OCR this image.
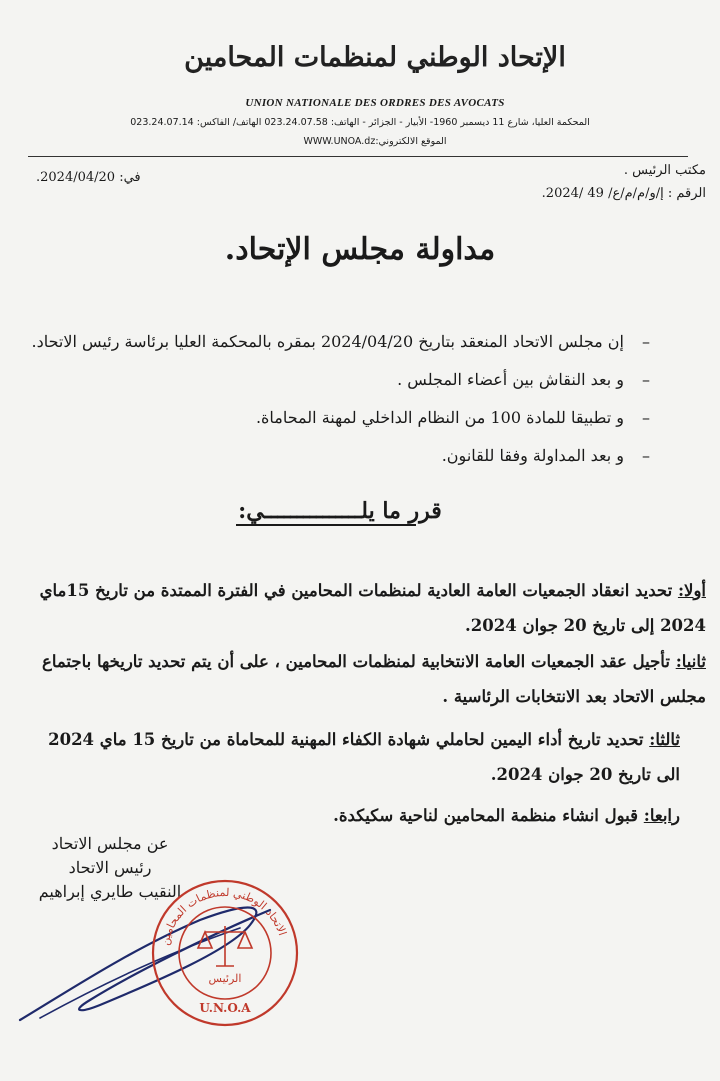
الإتحاد الوطني لمنظمات المحامين
UNION NATIONALE DES ORDRES DES AVOCATS
المحكمة العليا، شارع 11 ديسمبر 1960- الأبيار - الجزائر - الهاتف: 023.24.07.58 الهاتف/ الفاكس: 023.24.07.14
الموقع الالكتروني:WWW.UNOA.dz
مكتب الرئيس .
الرقم : إ/و/م/م/ع/ 49 /2024.
في: 2024/04/20.
مداولة مجلس الإتحاد.
–إن مجلس الاتحاد المنعقد بتاريخ 2024/04/20 بمقره بالمحكمة العليا برئاسة رئيس الاتحاد.
–و بعد النقاش بين أعضاء المجلس .
–و تطبيقا للمادة 100 من النظام الداخلي لمهنة المحاماة.
–و بعد المداولة وفقا للقانون.
قرر ما يلـــــــــــــــي:
أولا: تحديد انعقاد الجمعيات العامة العادية لمنظمات المحامين في الفترة الممتدة من تاريخ 15ماي 2024 إلى تاريخ 20 جوان 2024.
ثانيا: تأجيل عقد الجمعيات العامة الانتخابية لمنظمات المحامين ، على أن يتم تحديد تاريخها باجتماع مجلس الاتحاد بعد الانتخابات الرئاسية .
ثالثا: تحديد تاريخ أداء اليمين لحاملي شهادة الكفاء المهنية للمحاماة من تاريخ 15 ماي 2024 الى تاريخ 20 جوان 2024.
رابعا: قبول انشاء منظمة المحامين لناحية سكيكدة.
عن مجلس الاتحاد
رئيس الاتحاد
النقيب طايري إبراهيم
الاتحاد الوطني لمنظمات المحامين
الرئيس
U.N.O.A
